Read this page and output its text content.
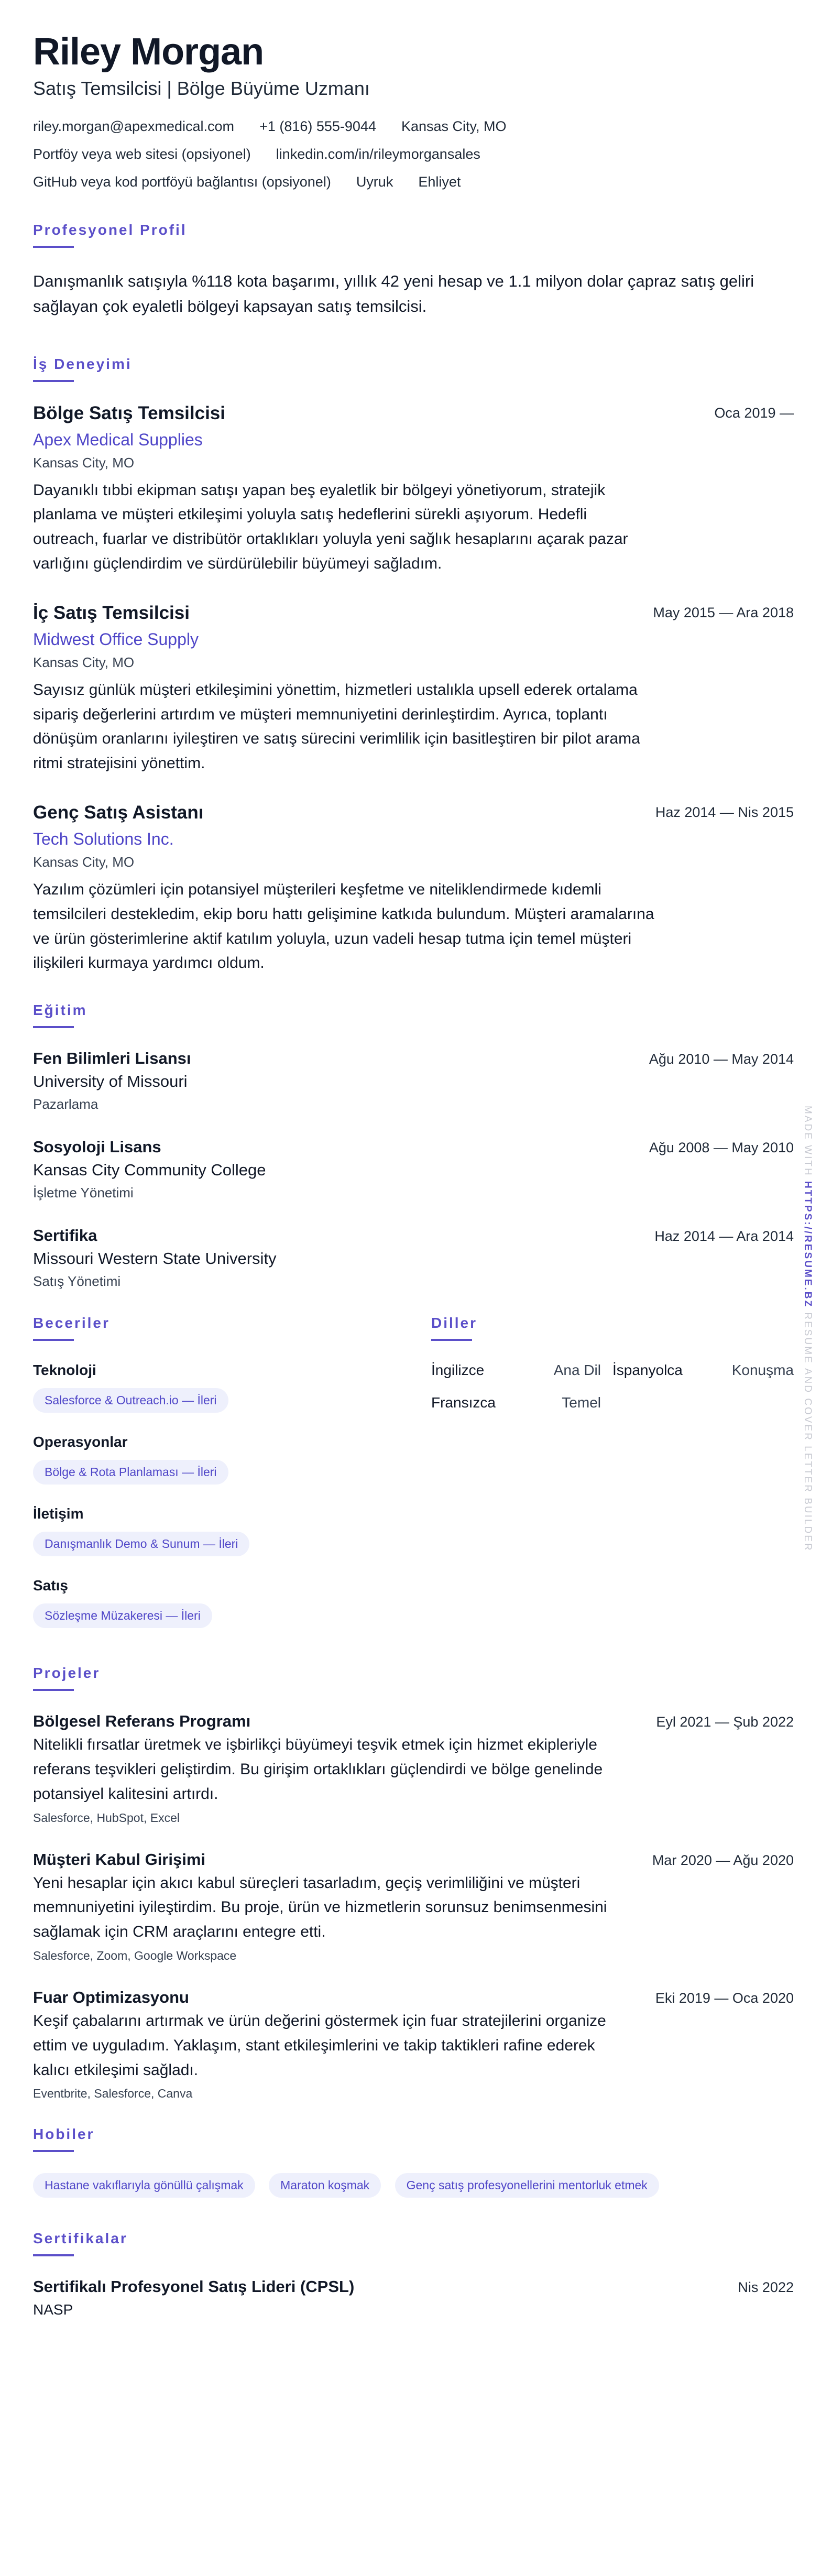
Riley Morgan
Satış Temsilcisi | Bölge Büyüme Uzmanı
riley.morgan@apexmedical.com +1 (816) 555-9044 Kansas City, MO
Portföy veya web sitesi (opsiyonel) linkedin.com/in/rileymorgansales
GitHub veya kod portföyü bağlantısı (opsiyonel) Uyruk Ehliyet
Profesyonel Profil
Danışmanlık satışıyla %118 kota başarımı, yıllık 42 yeni hesap ve 1.1 milyon dolar çapraz satış geliri sağlayan çok eyaletli bölgeyi kapsayan satış temsilcisi.
İş Deneyimi
Bölge Satış Temsilcisi	Oca 2019 —
Apex Medical Supplies
Kansas City, MO
Dayanıklı tıbbi ekipman satışı yapan beş eyaletlik bir bölgeyi yönetiyorum, stratejik planlama ve müşteri etkileşimi yoluyla satış hedeflerini sürekli aşıyorum. Hedefli outreach, fuarlar ve distribütör ortaklıkları yoluyla yeni sağlık hesaplarını açarak pazar varlığını güçlendirdim ve sürdürülebilir büyümeyi sağladım.
İç Satış Temsilcisi	May 2015 — Ara 2018
Midwest Office Supply
Kansas City, MO
Sayısız günlük müşteri etkileşimini yönettim, hizmetleri ustalıkla upsell ederek ortalama sipariş değerlerini artırdım ve müşteri memnuniyetini derinleştirdim. Ayrıca, toplantı dönüşüm oranlarını iyileştiren ve satış sürecini verimlilik için basitleştiren bir pilot arama ritmi stratejisini yönettim.
Genç Satış Asistanı	Haz 2014 — Nis 2015
Tech Solutions Inc.
Kansas City, MO
Yazılım çözümleri için potansiyel müşterileri keşfetme ve niteliklendirmede kıdemli temsilcileri destekledim, ekip boru hattı gelişimine katkıda bulundum. Müşteri aramalarına ve ürün gösterimlerine aktif katılım yoluyla, uzun vadeli hesap tutma için temel müşteri ilişkileri kurmaya yardımcı oldum.
Eğitim
Fen Bilimleri Lisansı	Ağu 2010 — May 2014
University of Missouri
Pazarlama
Sosyoloji Lisans	Ağu 2008 — May 2010
Kansas City Community College
İşletme Yönetimi
Sertifika	Haz 2014 — Ara 2014
Missouri Western State University
Satış Yönetimi
Beceriler
Teknoloji
Salesforce & Outreach.io — İleri
Operasyonlar
Bölge & Rota Planlaması — İleri
İletişim
Danışmanlık Demo & Sunum — İleri
Satış
Sözleşme Müzakeresi — İleri
Diller
İngilizce	Ana Dil İspanyolca	Konuşma
Fransızca	Temel
Projeler
Bölgesel Referans Programı	Eyl 2021 — Şub 2022
Nitelikli fırsatlar üretmek ve işbirlikçi büyümeyi teşvik etmek için hizmet ekipleriyle referans teşvikleri geliştirdim. Bu girişim ortaklıkları güçlendirdi ve bölge genelinde potansiyel kalitesini artırdı.
Salesforce, HubSpot, Excel
Müşteri Kabul Girişimi	Mar 2020 — Ağu 2020
Yeni hesaplar için akıcı kabul süreçleri tasarladım, geçiş verimliliğini ve müşteri memnuniyetini iyileştirdim. Bu proje, ürün ve hizmetlerin sorunsuz benimsenmesini sağlamak için CRM araçlarını entegre etti.
Salesforce, Zoom, Google Workspace
Fuar Optimizasyonu	Eki 2019 — Oca 2020
Keşif çabalarını artırmak ve ürün değerini göstermek için fuar stratejilerini organize ettim ve uyguladım. Yaklaşım, stant etkileşimlerini ve takip taktikleri rafine ederek kalıcı etkileşimi sağladı.
Eventbrite, Salesforce, Canva
Hobiler
Hastane vakıflarıyla gönüllü çalışmak	Maraton koşmak	Genç satış profesyonellerini mentorluk etmek
Sertifikalar
Sertifikalı Profesyonel Satış Lideri (CPSL)	Nis 2022
NASP
MADE WITH HTTPS://RESUME.BZ RESUME AND COVER LETTER BUILDER
